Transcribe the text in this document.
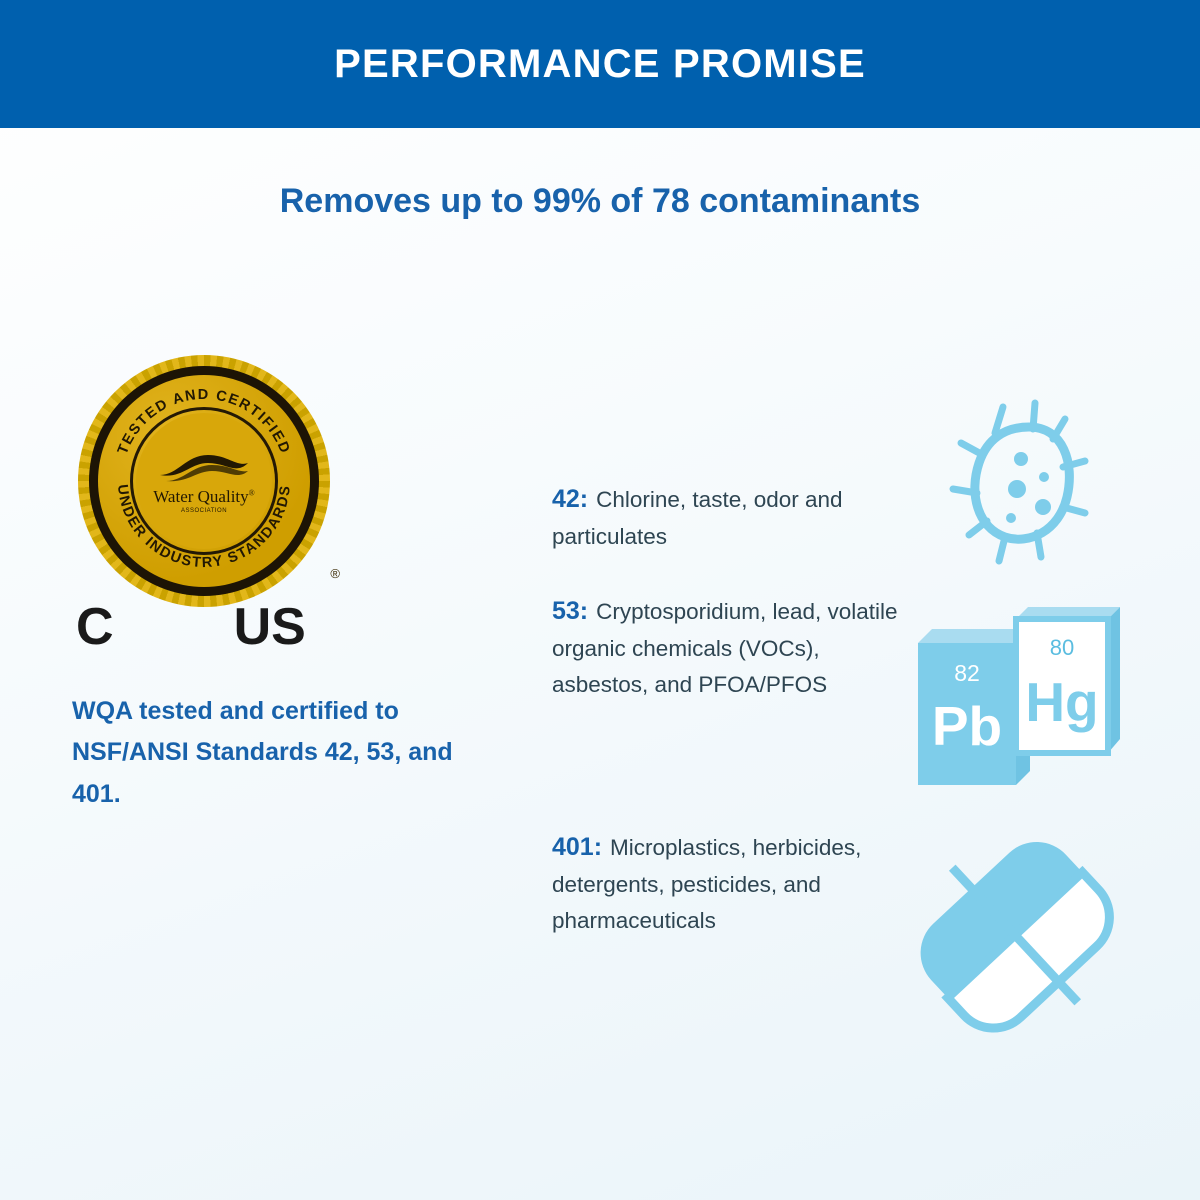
PERFORMANCE PROMISE
Removes up to 99% of 78 contaminants
Water Quality®
ASSOCIATION
TESTED AND CERTIFIED
UNDER INDUSTRY STANDARDS
®
C US
WQA tested and certified to NSF/ANSI Standards 42, 53, and 401.
42: Chlorine, taste, odor and particulates
53: Cryptosporidium, lead, volatile organic chemicals (VOCs), asbestos, and PFOA/PFOS	82
Pb
80
Hg
401: Microplastics, herbicides, detergents, pesticides, and pharmaceuticals
